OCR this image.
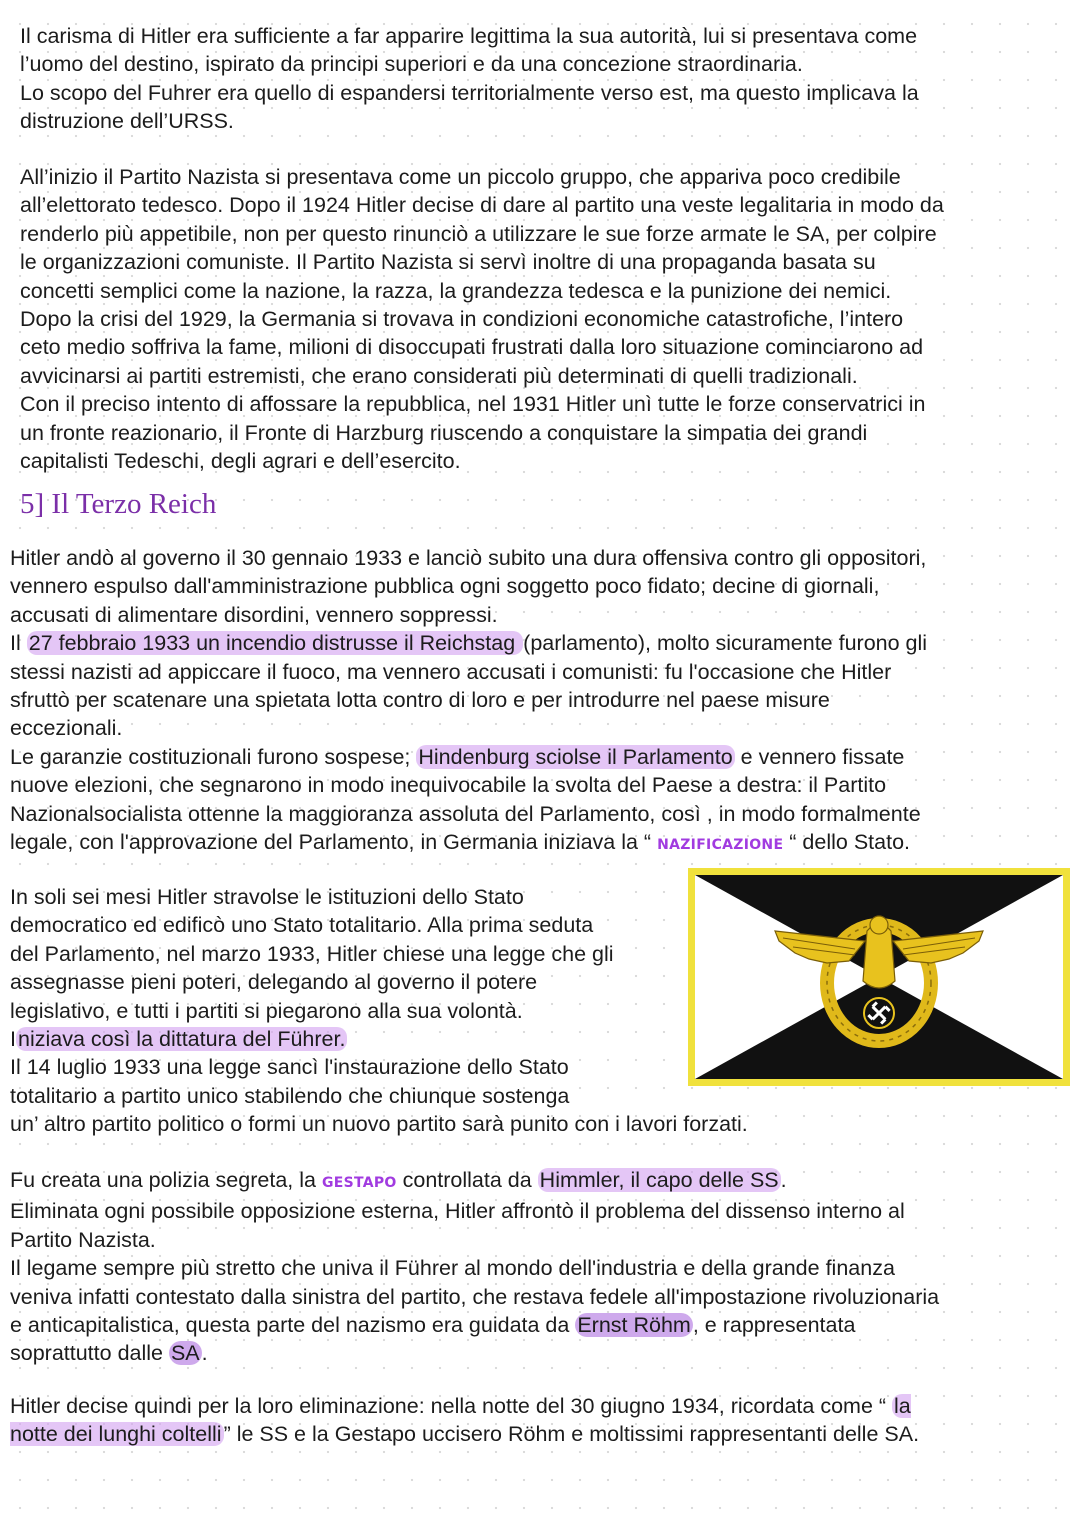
Il carisma di Hitler era sufficiente a far apparire legittima la sua autorità, lui si presentava come
l’uomo del destino, ispirato da principi superiori e da una concezione straordinaria.
Lo scopo del Fuhrer era quello di espandersi territorialmente verso est, ma questo implicava la
distruzione dell’URSS.

All’inizio il Partito Nazista si presentava come un piccolo gruppo, che appariva poco credibile
all’elettorato tedesco. Dopo il 1924 Hitler decise di dare al partito una veste legalitaria in modo da
renderlo più appetibile, non per questo rinunciò a utilizzare le sue forze armate le SA, per colpire
le organizzazioni comuniste. Il Partito Nazista si servì inoltre di una propaganda basata su
concetti semplici come la nazione, la razza, la grandezza tedesca e la punizione dei nemici.
Dopo la crisi del 1929, la Germania si trovava in condizioni economiche catastrofiche, l’intero
ceto medio soffriva la fame, milioni di disoccupati frustrati dalla loro situazione cominciarono ad
avvicinarsi ai partiti estremisti, che erano considerati più determinati di quelli tradizionali.
Con il preciso intento di affossare la repubblica, nel 1931 Hitler unì tutte le forze conservatrici in
un fronte reazionario, il Fronte di Harzburg riuscendo a conquistare la simpatia dei grandi
capitalisti Tedeschi, degli agrari e dell’esercito.

5] Il Terzo Reich

Hitler andò al governo il 30 gennaio 1933 e lanciò subito una dura offensiva contro gli oppositori,
vennero espulso dall'amministrazione pubblica ogni soggetto poco fidato; decine di giornali,
accusati di alimentare disordini, vennero soppressi.
Il 27 febbraio 1933 un incendio distrusse il Reichstag (parlamento), molto sicuramente furono gli
stessi nazisti ad appiccare il fuoco, ma vennero accusati i comunisti: fu l'occasione che Hitler
sfruttò per scatenare una spietata lotta contro di loro e per introdurre nel paese misure
eccezionali.
Le garanzie costituzionali furono sospese; Hindenburg sciolse il Parlamento e vennero fissate
nuove elezioni, che segnarono in modo inequivocabile la svolta del Paese a destra: il Partito
Nazionalsocialista ottenne la maggioranza assoluta del Parlamento, così , in modo formalmente
legale, con l'approvazione del Parlamento, in Germania iniziava la “ NAZIFICAZIONE “ dello Stato.

In soli sei mesi Hitler stravolse le istituzioni dello Stato
democratico ed edificò uno Stato totalitario. Alla prima seduta
del Parlamento, nel marzo 1933, Hitler chiese una legge che gli
assegnasse pieni poteri, delegando al governo il potere
legislativo, e tutti i partiti si piegarono alla sua volontà.
Iniziava così la dittatura del Führer.
Il 14 luglio 1933 una legge sancì l'instaurazione dello Stato
totalitario a partito unico stabilendo che chiunque sostenga
un’ altro partito politico o formi un nuovo partito sarà punito con i lavori forzati.

Fu creata una polizia segreta, la GESTAPO controllata da Himmler, il capo delle SS.
Eliminata ogni possibile opposizione esterna, Hitler affrontò il problema del dissenso interno al
Partito Nazista.
Il legame sempre più stretto che univa il Führer al mondo dell'industria e della grande finanza
veniva infatti contestato dalla sinistra del partito, che restava fedele all'impostazione rivoluzionaria
e anticapitalistica, questa parte del nazismo era guidata da Ernst Röhm, e rappresentata
soprattutto dalle SA.

Hitler decise quindi per la loro eliminazione: nella notte del 30 giugno 1934, ricordata come “ la
notte dei lunghi coltelli” le SS e la Gestapo uccisero Röhm e moltissimi rappresentanti delle SA.
